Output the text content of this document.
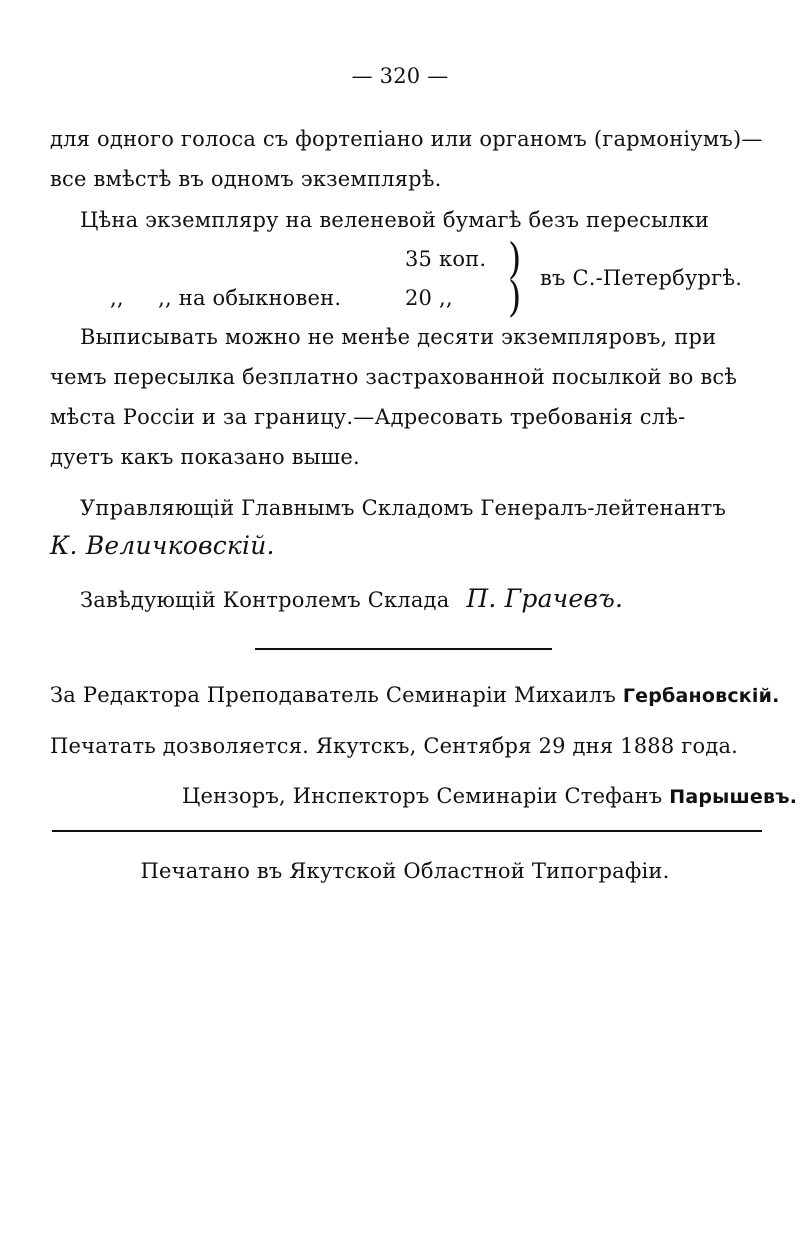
— 320 —
для одного голоса съ фортепіано или органомъ (гармоніумъ)—
все вмѣстѣ въ одномъ экземплярѣ.
Цѣна экземпляру на веленевой бумагѣ безъ пересылки
35 коп.
,,     ,, на обыкновен.	20 ,,
)
) въ С.-Петербургѣ.
Выписывать можно не менѣе десяти экземпляровъ, при
чемъ пересылка безплатно застрахованной посылкой во всѣ
мѣста Россіи и за границу.—Адресовать требованія слѣ-
дуетъ какъ показано выше.
Управляющій Главнымъ Складомъ Генералъ-лейтенантъ
К. Величковскій.
Завѣдующій Контролемъ Склада П. Грачевъ.
За Редактора Преподаватель Семинаріи Михаилъ Гербановскій.
Печатать дозволяется. Якутскъ, Сентября 29 дня 1888 года.
Цензоръ, Инспекторъ Семинаріи Стефанъ Парышевъ.
Печатано въ Якутской Областной Типографіи.
